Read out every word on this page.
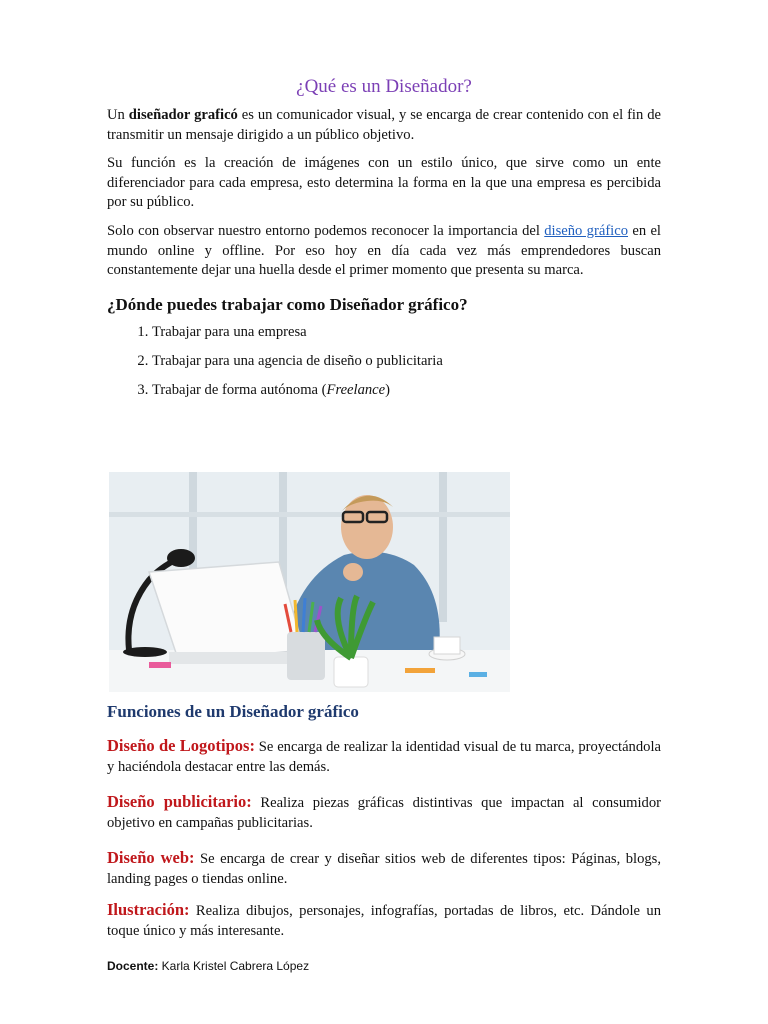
¿Qué es un Diseñador?

Un diseñador graficó es un comunicador visual, y se encarga de crear contenido con el fin de transmitir un mensaje dirigido a un público objetivo.

Su función es la creación de imágenes con un estilo único, que sirve como un ente diferenciador para cada empresa, esto determina la forma en la que una empresa es percibida por su público.

Solo con observar nuestro entorno podemos reconocer la importancia del diseño gráfico en el mundo online y offline. Por eso hoy en día cada vez más emprendedores buscan constantemente dejar una huella desde el primer momento que presenta su marca.

¿Dónde puedes trabajar como Diseñador gráfico?
1. Trabajar para una empresa
2. Trabajar para una agencia de diseño o publicitaria
3. Trabajar de forma autónoma (Freelance)
Funciones de un Diseñador gráfico

Diseño de Logotipos: Se encarga de realizar la identidad visual de tu marca, proyectándola y haciéndola destacar entre las demás.

Diseño publicitario: Realiza piezas gráficas distintivas que impactan al consumidor objetivo en campañas publicitarias.

Diseño web: Se encarga de crear y diseñar sitios web de diferentes tipos: Páginas, blogs, landing pages o tiendas online.

Ilustración: Realiza dibujos, personajes, infografías, portadas de libros, etc. Dándole un toque único y más interesante.

Docente: Karla Kristel Cabrera López
